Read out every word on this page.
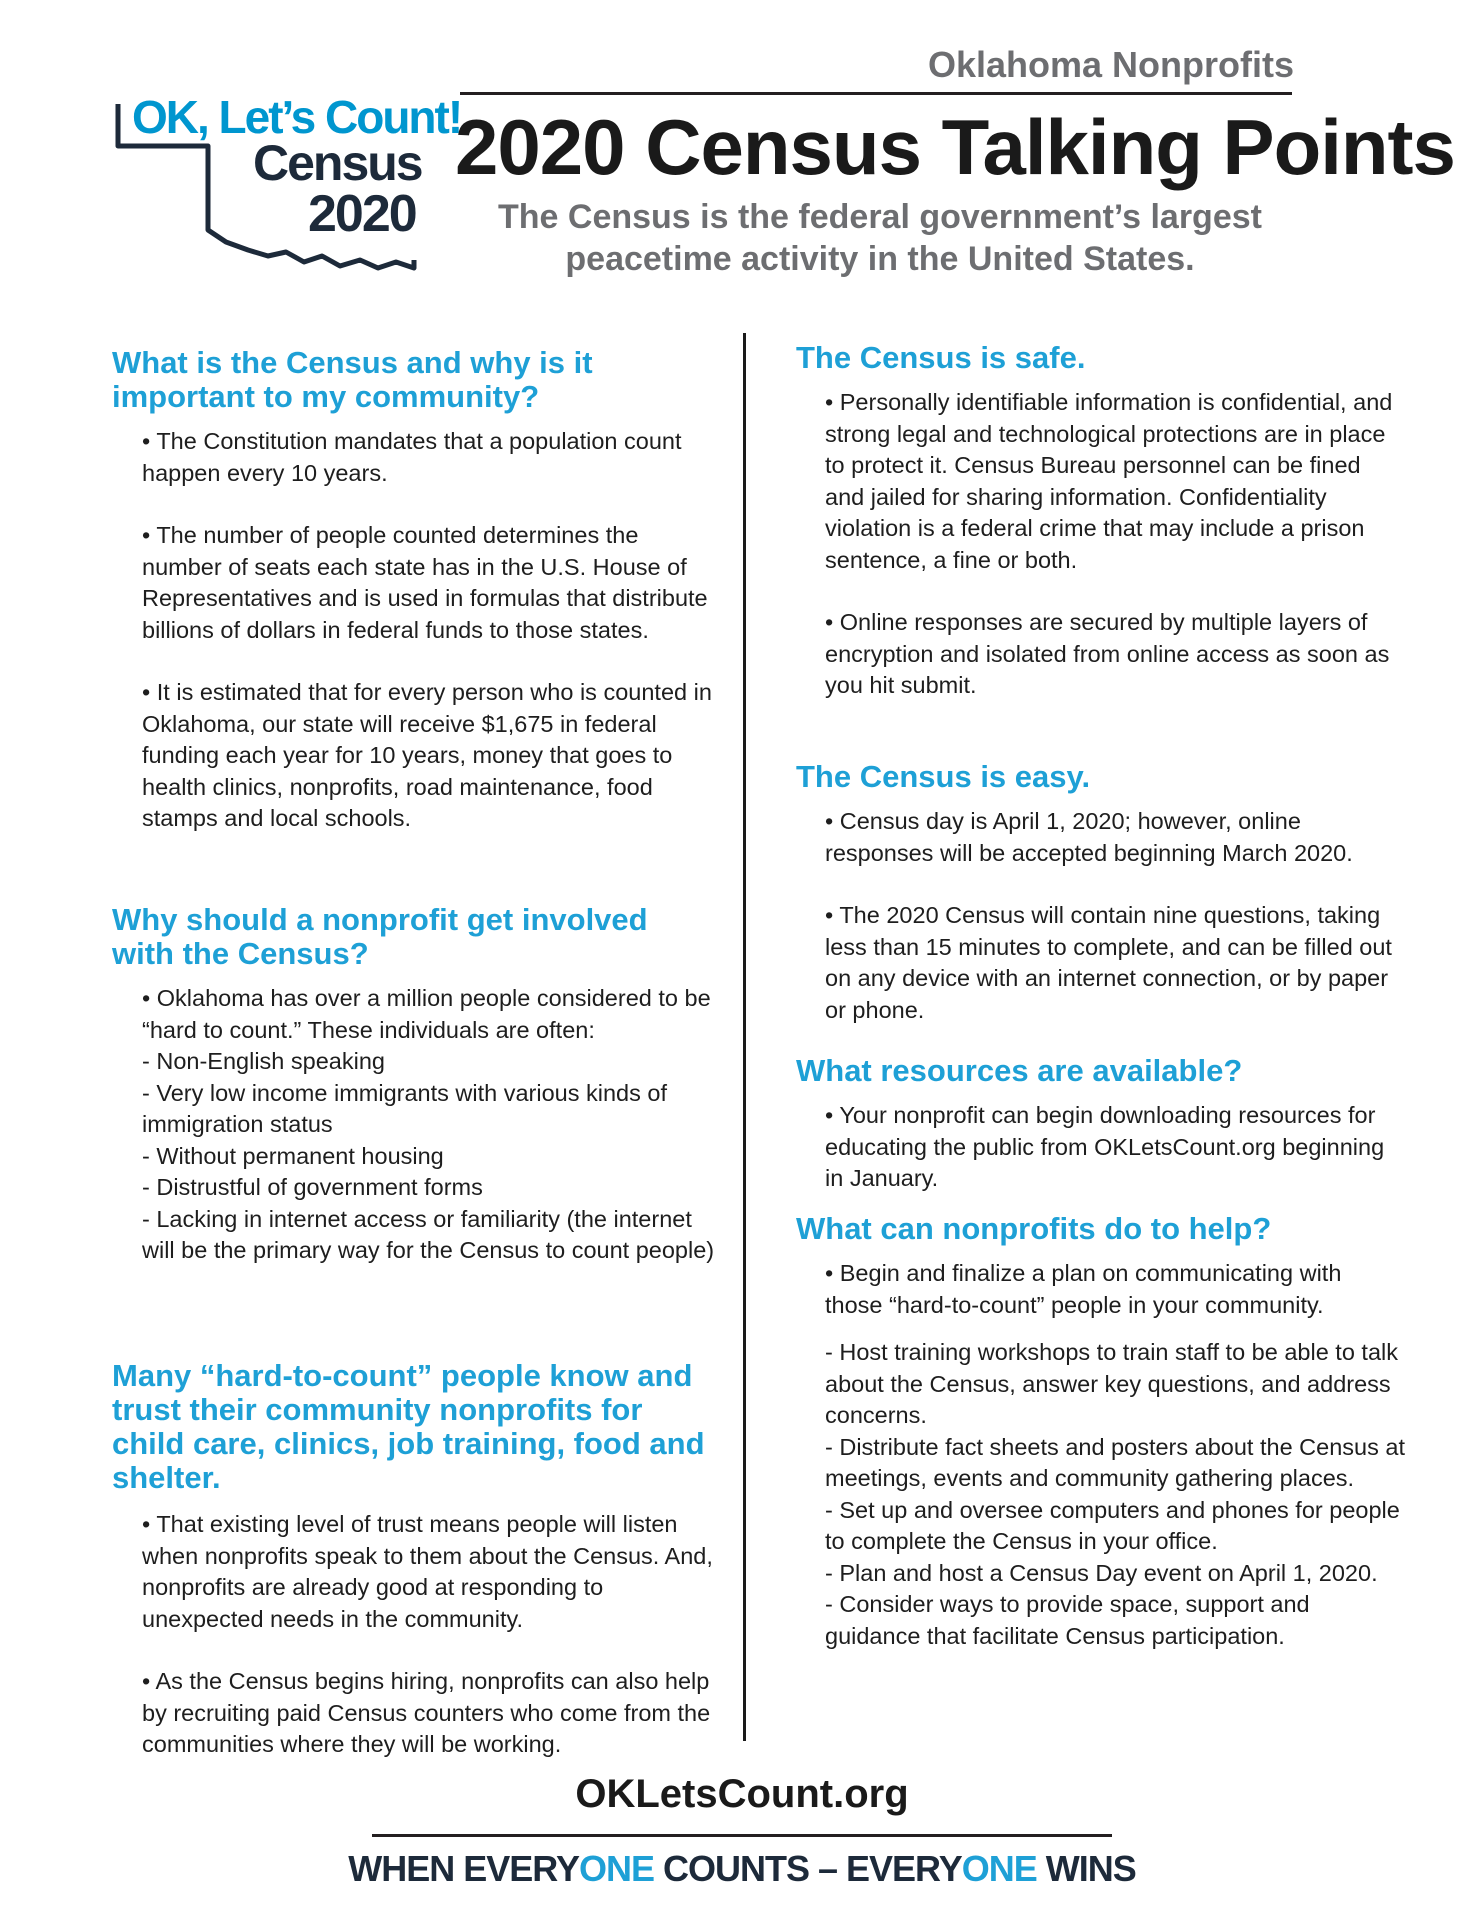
Oklahoma Nonprofits
2020 Census Talking Points
The Census is the federal government’s largest
peacetime activity in the United States.
OK, Let’s Count!
Census
2020
What is the Census and why is it important to my community?

• The Constitution mandates that a population count happen every 10 years.

• The number of people counted determines the number of seats each state has in the U.S. House of Representatives and is used in formulas that distribute billions of dollars in federal funds to those states.

• It is estimated that for every person who is counted in Oklahoma, our state will receive $1,675 in federal funding each year for 10 years, money that goes to health clinics, nonprofits, road maintenance, food stamps and local schools.

Why should a nonprofit get involved with the Census?

• Oklahoma has over a million people considered to be “hard to count.” These individuals are often:

- Non-English speaking

- Very low income immigrants with various kinds of immigration status

- Without permanent housing

- Distrustful of government forms

- Lacking in internet access or familiarity (the internet will be the primary way for the Census to count people)

Many “hard-to-count” people know and trust their community nonprofits for child care, clinics, job training, food and shelter.

• That existing level of trust means people will listen when nonprofits speak to them about the Census. And, nonprofits are already good at responding to unexpected needs in the community.

• As the Census begins hiring, nonprofits can also help by recruiting paid Census counters who come from the communities where they will be working.

The Census is safe.

• Personally identifiable information is confidential, and strong legal and technological protections are in place to protect it. Census Bureau personnel can be fined and jailed for sharing information. Confidentiality violation is a federal crime that may include a prison sentence, a fine or both.

• Online responses are secured by multiple layers of encryption and isolated from online access as soon as you hit submit.

The Census is easy.

• Census day is April 1, 2020; however, online responses will be accepted beginning March 2020.

• The 2020 Census will contain nine questions, taking less than 15 minutes to complete, and can be filled out on any device with an internet connection, or by paper or phone.

What resources are available?

• Your nonprofit can begin downloading resources for educating the public from OKLetsCount.org beginning in January.

What can nonprofits do to help?

• Begin and finalize a plan on communicating with those “hard-to-count” people in your community.

- Host training workshops to train staff to be able to talk about the Census, answer key questions, and address concerns.

- Distribute fact sheets and posters about the Census at meetings, events and community gathering places.

- Set up and oversee computers and phones for people to complete the Census in your office.

- Plan and host a Census Day event on April 1, 2020.

- Consider ways to provide space, support and guidance that facilitate Census participation.

OKLetsCount.org
WHEN EVERYONE COUNTS – EVERYONE WINS
